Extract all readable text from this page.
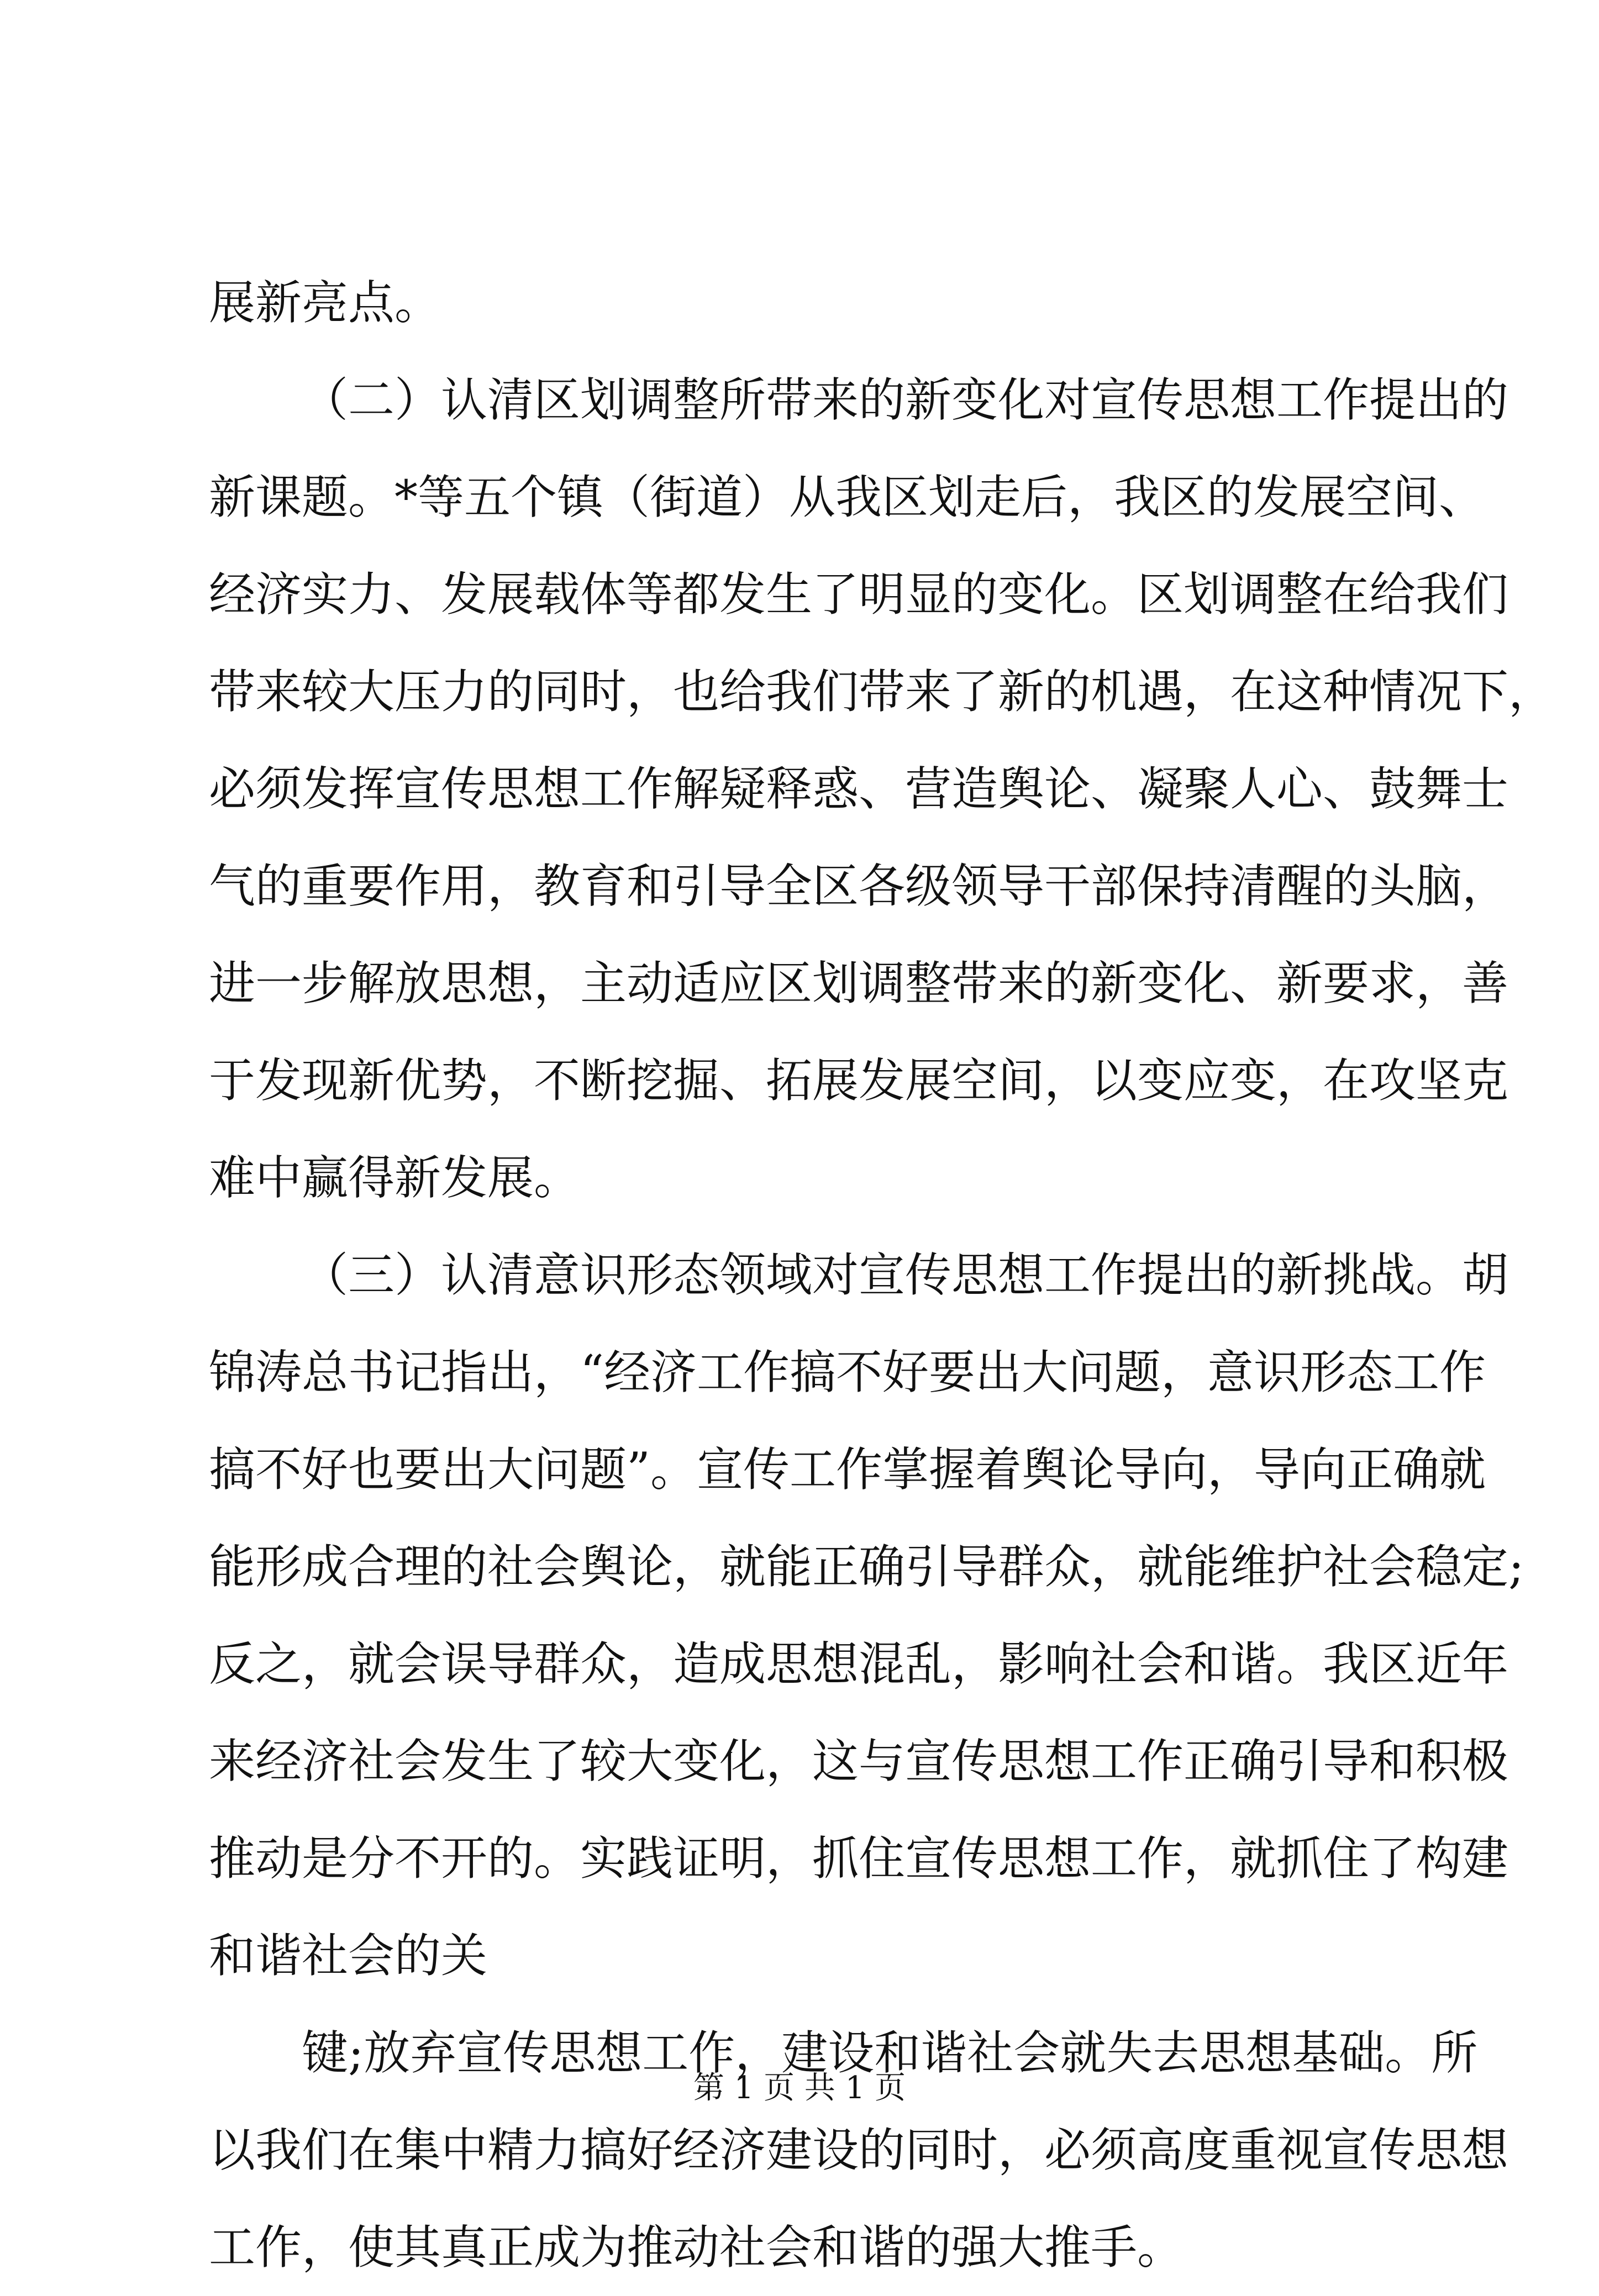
展新亮点。
（二）认清区划调整所带来的新变化对宣传思想工作提出的
新课题。*等五个镇（街道）从我区划走后，我区的发展空间、
经济实力、发展载体等都发生了明显的变化。区划调整在给我们
带来较大压力的同时，也给我们带来了新的机遇，在这种情况下，
必须发挥宣传思想工作解疑释惑、营造舆论、凝聚人心、鼓舞士
气的重要作用，教育和引导全区各级领导干部保持清醒的头脑，
进一步解放思想，主动适应区划调整带来的新变化、新要求，善
于发现新优势，不断挖掘、拓展发展空间，以变应变，在攻坚克
难中赢得新发展。
（三）认清意识形态领域对宣传思想工作提出的新挑战。胡
锦涛总书记指出，“经济工作搞不好要出大问题，意识形态工作
搞不好也要出大问题”。宣传工作掌握着舆论导向，导向正确就
能形成合理的社会舆论，就能正确引导群众，就能维护社会稳定;
反之，就会误导群众，造成思想混乱，影响社会和谐。我区近年
来经济社会发生了较大变化，这与宣传思想工作正确引导和积极
推动是分不开的。实践证明，抓住宣传思想工作，就抓住了构建
和谐社会的关
键;放弃宣传思想工作，建设和谐社会就失去思想基础。所
以我们在集中精力搞好经济建设的同时，必须高度重视宣传思想
工作，使其真正成为推动社会和谐的强大推手。
第 1 页 共 1 页
